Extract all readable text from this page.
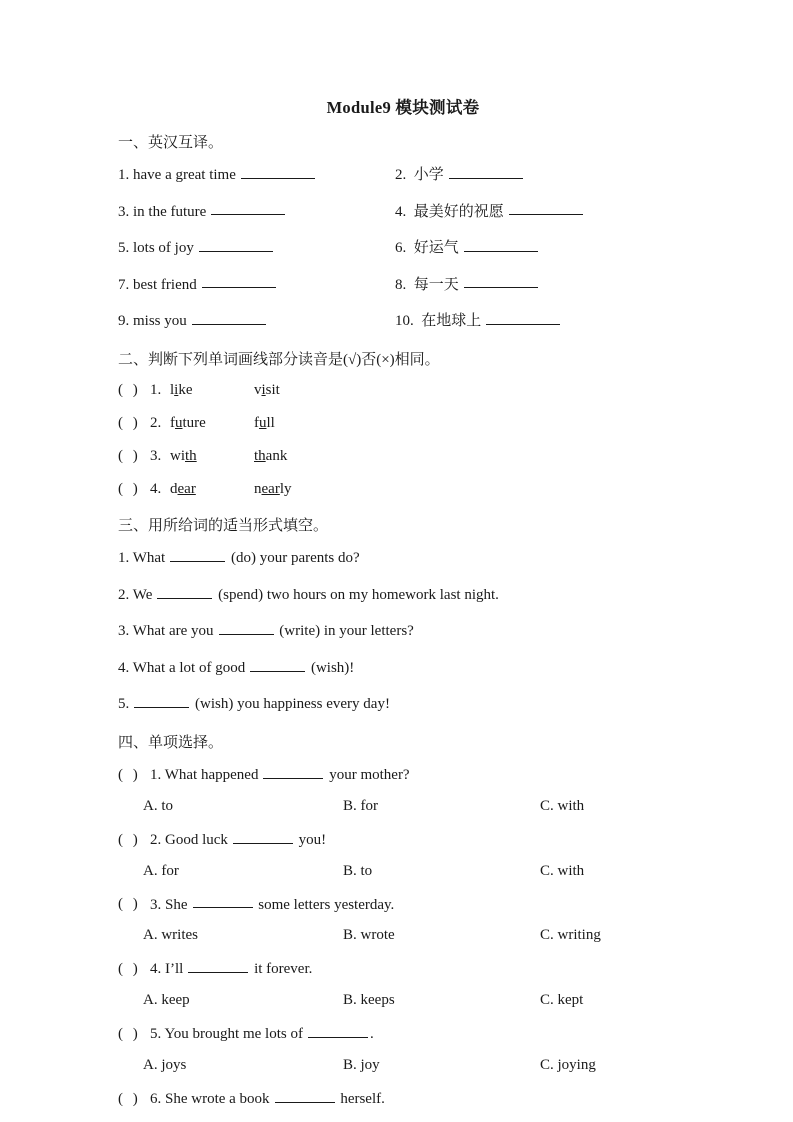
Module9 模块测试卷
一、英汉互译。
1. have a great time	2. 小学
3. in the future	4. 最美好的祝愿
5. lots of joy	6. 好运气
7. best friend	8. 每一天
9. miss you	10. 在地球上
二、判断下列单词画线部分读音是(√)否(×)相同。
( ) 1. like	visit
( ) 2. future	full
( ) 3. with	thank
( ) 4. dear	nearly
三、用所给词的适当形式填空。
1. What	(do) your parents do?
2. We	(spend) two hours on my homework last night.
3. What are you	(write) in your letters?
4. What a lot of good	(wish)!
5.	(wish) you happiness every day!
四、单项选择。
( ) 1. What happened	your mother?
A. to	B. for	C. with
( ) 2. Good luck	you!
A. for	B. to	C. with
( ) 3. She	some letters yesterday.
A. writes	B. wrote	C. writing
( ) 4. I’ll	it forever.
A. keep	B. keeps	C. kept
( ) 5. You brought me lots of	.
A. joys	B. joy	C. joying
( ) 6. She wrote a book	herself.
